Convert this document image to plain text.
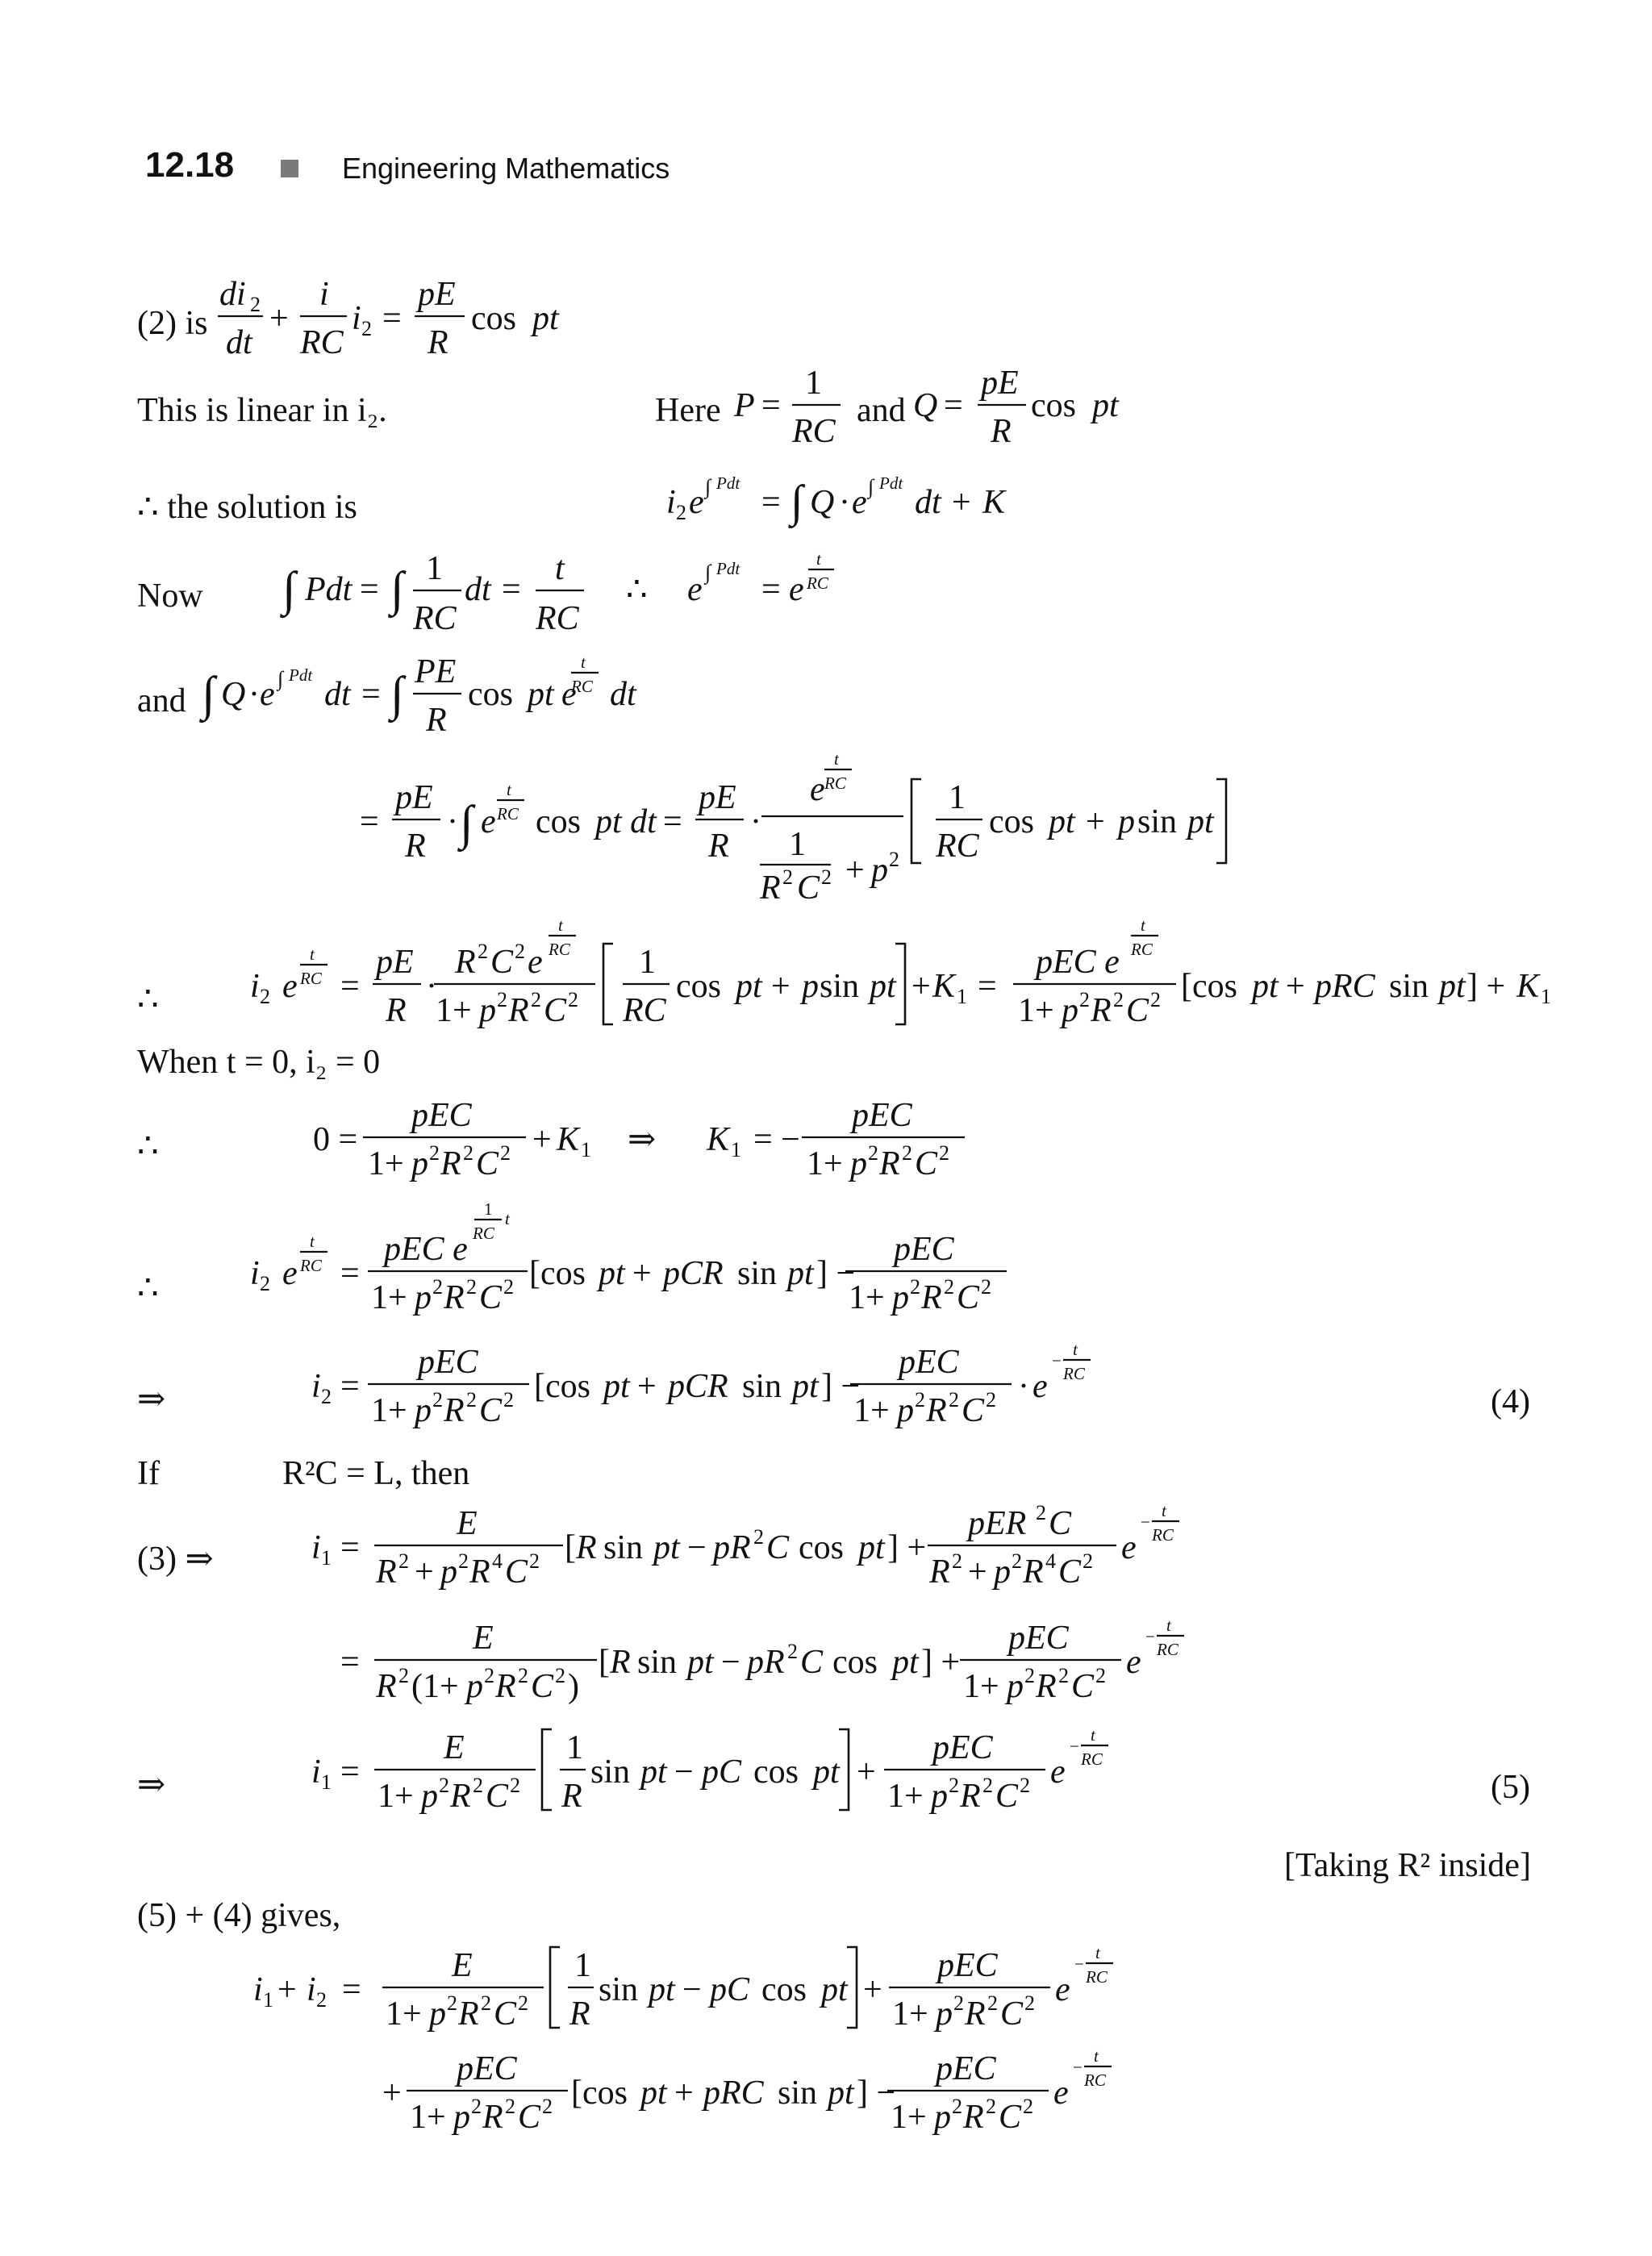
12.18	Engineering Mathematics
(2) is
This is linear in i₂.	Here	and
∴ the solution is
Now
and
∴
When t = 0, i₂ = 0
∴
∴
⇒
If	R²C = L, then
(3) ⇒
⇒
(4)
(5)
[Taking R² inside]
(5) + (4) gives,
di 2
dt
+
i
RC
i 2 =
pE
R
cos pt
P =
1
RC
Q =
pE
R
cos pt
i 2 e ∫ Pdt
= ∫ Q · e ∫ Pdt
dt + K
∫ Pdt = ∫ 1
RC
dt =
t
RC
∴ e ∫ Pdt
= e
t
RC
∫ Q · e ∫ Pdt
dt = ∫ PE
R
cos pt e
t
RC dt
=
pE
R
· ∫ e
t
RC cos pt dt =
pE
R
·
e
t
RC
1
R 2 C 2 + p 2
1
RC
cos pt + p sin pt
i 2 e
t
RC =
pE
R
·
R 2 C 2 e
t
RC
1+ p 2 R 2 C 2
1
RC
cos pt + p sin pt + K 1 =
pEC e
t
RC
1+ p 2 R 2 C 2 [cos pt + pRC sin pt ] + K 1
0 =
pEC
1+ p 2 R 2 C 2 + K 1 ⇒ K 1 = −
pEC
1+ p 2 R 2 C 2
i 2 e
t
RC =
pEC e
1
RC
t
1+ p 2 R 2 C 2 [cos pt + pCR sin pt ] −
pEC
1+ p 2 R 2 C 2
i 2 =
pEC
1+ p 2 R 2 C 2 [cos pt + pCR sin pt ] −
pEC
1+ p 2 R 2 C 2 · e
−
t
RC
i 1 =
E
R 2 + p 2 R 4 C 2 [ R sin pt − pR 2 C cos pt ] +
pER 2 C
R 2 + p 2 R 4 C 2 e
−
t
RC
=
E
R 2 (1+ p 2 R 2 C 2 )
[ R sin pt − pR 2 C cos pt ] +
pEC
1+ p 2 R 2 C 2 e
−
t
RC
i 1 =
E
1+ p 2 R 2 C 2
1
R
sin pt − pC cos pt +
pEC
1+ p 2 R 2 C 2 e
−
t
RC
i 1 + i 2 =
E
1+ p 2 R 2 C 2
1
R
sin pt − pC cos pt +
pEC
1+ p 2 R 2 C 2 e
−
t
RC
+
pEC
1+ p 2 R 2 C 2 [cos pt + pRC sin pt ] −
pEC
1+ p 2 R 2 C 2 e
−
t
RC
